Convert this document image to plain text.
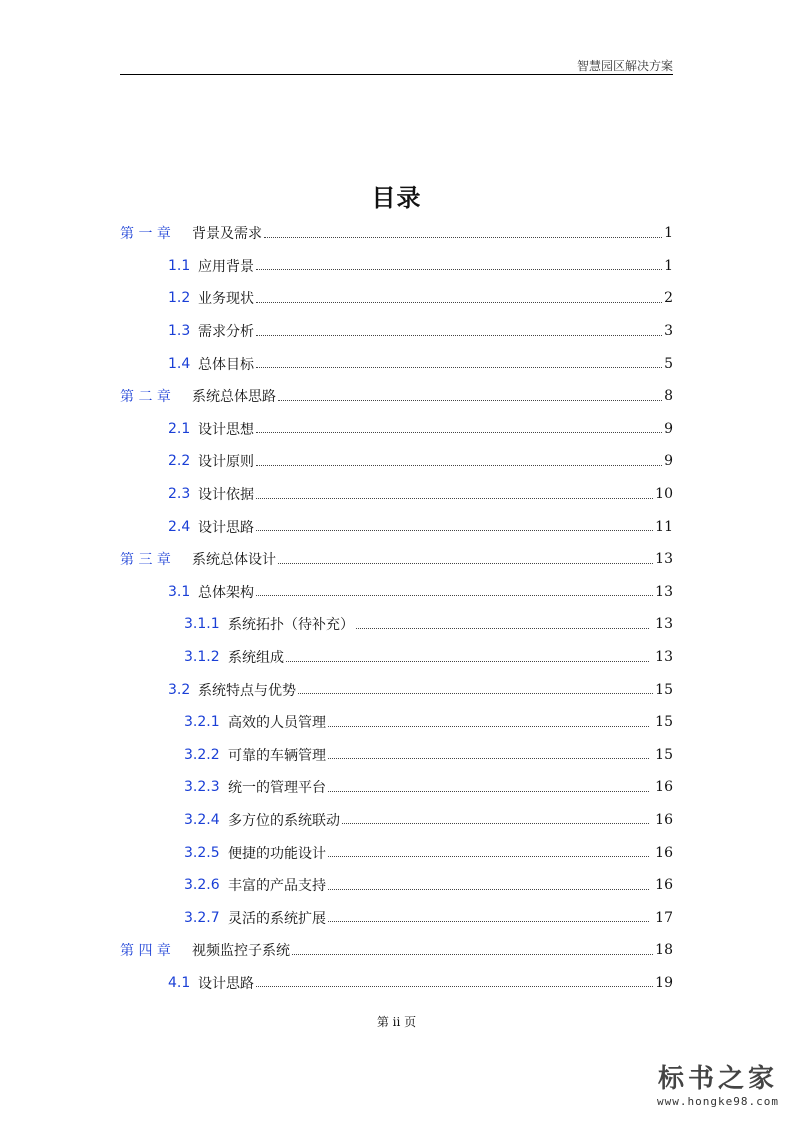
智慧园区解决方案
目录
第 一 章	背景及需求	1
1.1 应用背景	1
1.2 业务现状	2
1.3 需求分析	3
1.4 总体目标	5
第 二 章	系统总体思路	8
2.1 设计思想	9
2.2 设计原则	9
2.3 设计依据	10
2.4 设计思路	11
第 三 章	系统总体设计	13
3.1 总体架构	13
3.1.1 系统拓扑（待补充）	13
3.1.2 系统组成	13
3.2 系统特点与优势	15
3.2.1 高效的人员管理	15
3.2.2 可靠的车辆管理	15
3.2.3 统一的管理平台	16
3.2.4 多方位的系统联动	16
3.2.5 便捷的功能设计	16
3.2.6 丰富的产品支持	16
3.2.7 灵活的系统扩展	17
第 四 章	视频监控子系统	18
4.1 设计思路	19
第 ii 页
标书之家
www.hongke98.com
